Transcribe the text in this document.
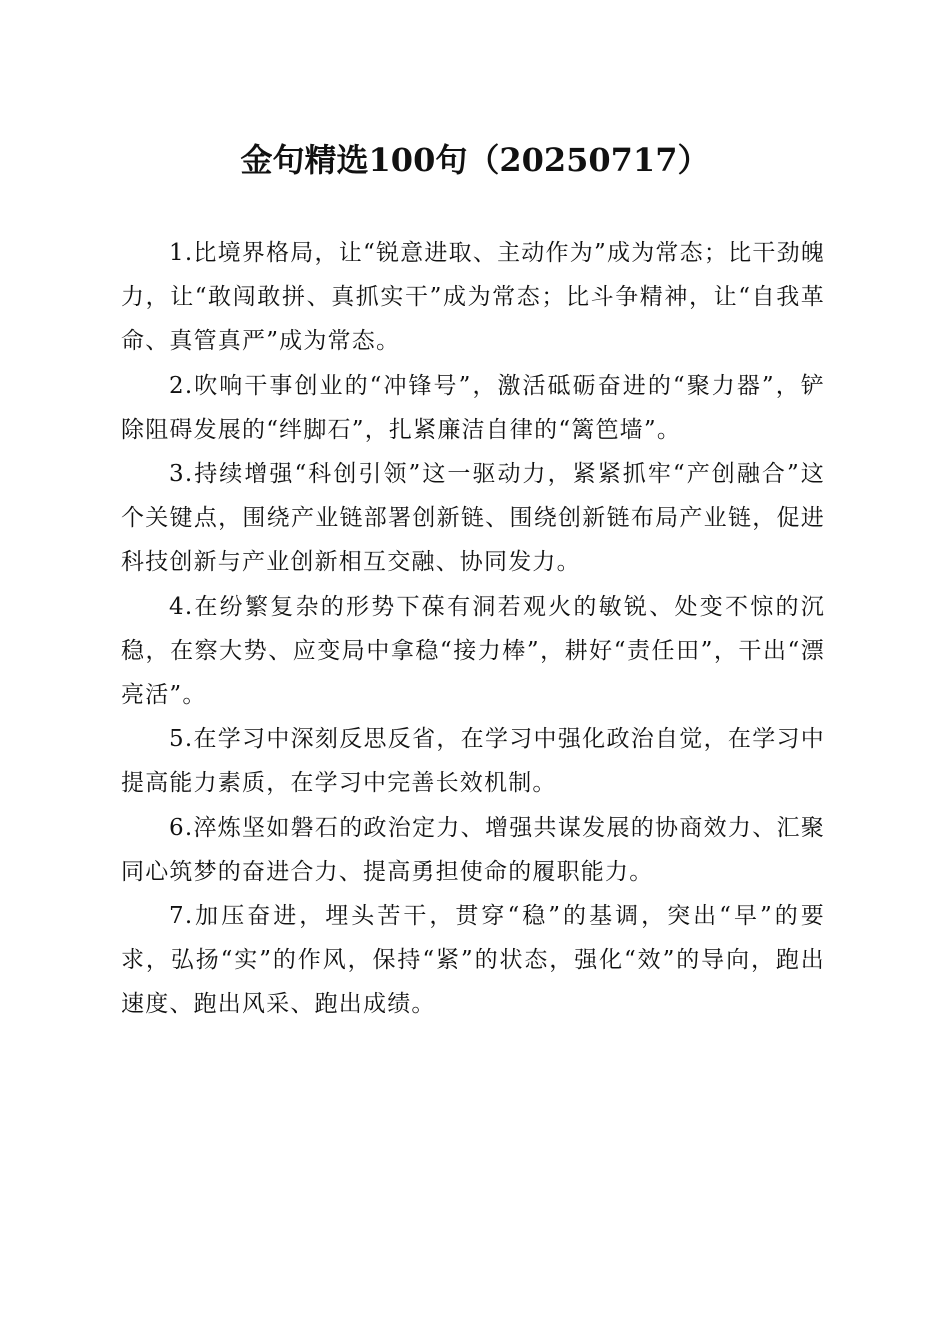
金句精选100句（20250717）

1.比境界格局，让“锐意进取、主动作为”成为常态；比干劲魄力，让“敢闯敢拼、真抓实干”成为常态；比斗争精神，让“自我革命、真管真严”成为常态。

2.吹响干事创业的“冲锋号”，激活砥砺奋进的“聚力器”，铲除阻碍发展的“绊脚石”，扎紧廉洁自律的“篱笆墙”。

3.持续增强“科创引领”这一驱动力，紧紧抓牢“产创融合”这个关键点，围绕产业链部署创新链、围绕创新链布局产业链，促进科技创新与产业创新相互交融、协同发力。

4.在纷繁复杂的形势下葆有洞若观火的敏锐、处变不惊的沉稳，在察大势、应变局中拿稳“接力棒”，耕好“责任田”，干出“漂亮活”。

5.在学习中深刻反思反省，在学习中强化政治自觉，在学习中提高能力素质，在学习中完善长效机制。

6.淬炼坚如磐石的政治定力、增强共谋发展的协商效力、汇聚同心筑梦的奋进合力、提高勇担使命的履职能力。

7.加压奋进，埋头苦干，贯穿“稳”的基调，突出“早”的要求，弘扬“实”的作风，保持“紧”的状态，强化“效”的导向，跑出速度、跑出风采、跑出成绩。
